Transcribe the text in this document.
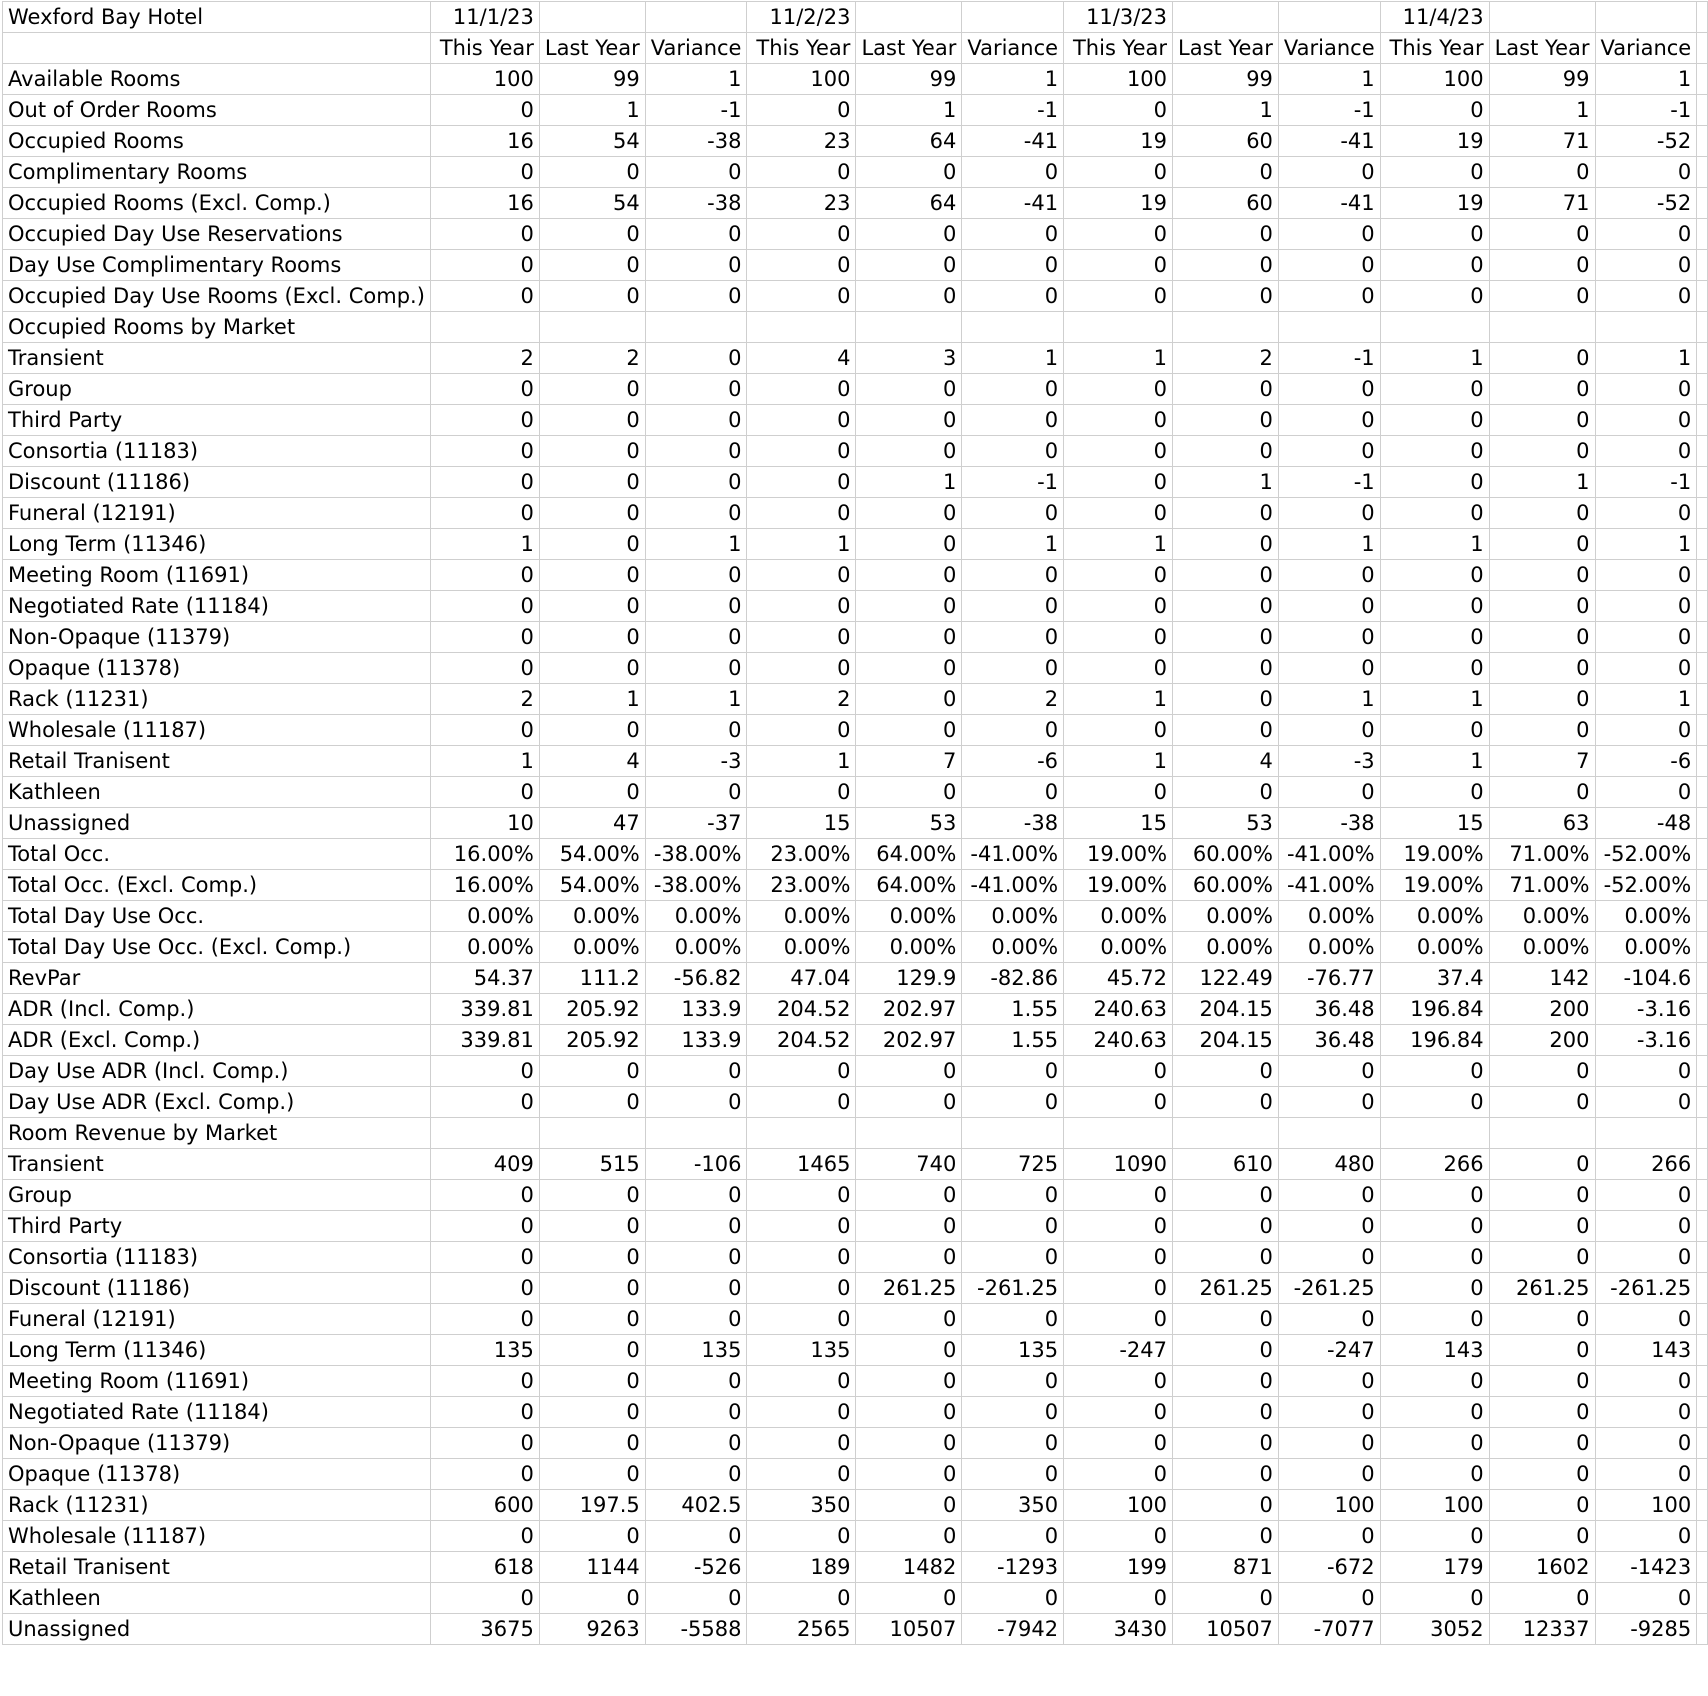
Wexford Bay Hotel	11/1/23			11/2/23			11/3/23			11/4/23			
	This Year	Last Year	Variance	This Year	Last Year	Variance	This Year	Last Year	Variance	This Year	Last Year	Variance	
Available Rooms	100	99	1	100	99	1	100	99	1	100	99	1	
Out of Order Rooms	0	1	-1	0	1	-1	0	1	-1	0	1	-1	
Occupied Rooms	16	54	-38	23	64	-41	19	60	-41	19	71	-52	
Complimentary Rooms	0	0	0	0	0	0	0	0	0	0	0	0	
Occupied Rooms (Excl. Comp.)	16	54	-38	23	64	-41	19	60	-41	19	71	-52	
Occupied Day Use Reservations	0	0	0	0	0	0	0	0	0	0	0	0	
Day Use Complimentary Rooms	0	0	0	0	0	0	0	0	0	0	0	0	
Occupied Day Use Rooms (Excl. Comp.)	0	0	0	0	0	0	0	0	0	0	0	0	
Occupied Rooms by Market													
Transient	2	2	0	4	3	1	1	2	-1	1	0	1	
Group	0	0	0	0	0	0	0	0	0	0	0	0	
Third Party	0	0	0	0	0	0	0	0	0	0	0	0	
Consortia (11183)	0	0	0	0	0	0	0	0	0	0	0	0	
Discount (11186)	0	0	0	0	1	-1	0	1	-1	0	1	-1	
Funeral (12191)	0	0	0	0	0	0	0	0	0	0	0	0	
Long Term (11346)	1	0	1	1	0	1	1	0	1	1	0	1	
Meeting Room (11691)	0	0	0	0	0	0	0	0	0	0	0	0	
Negotiated Rate (11184)	0	0	0	0	0	0	0	0	0	0	0	0	
Non-Opaque (11379)	0	0	0	0	0	0	0	0	0	0	0	0	
Opaque (11378)	0	0	0	0	0	0	0	0	0	0	0	0	
Rack (11231)	2	1	1	2	0	2	1	0	1	1	0	1	
Wholesale (11187)	0	0	0	0	0	0	0	0	0	0	0	0	
Retail Tranisent	1	4	-3	1	7	-6	1	4	-3	1	7	-6	
Kathleen	0	0	0	0	0	0	0	0	0	0	0	0	
Unassigned	10	47	-37	15	53	-38	15	53	-38	15	63	-48	
Total Occ.	16.00%	54.00%	-38.00%	23.00%	64.00%	-41.00%	19.00%	60.00%	-41.00%	19.00%	71.00%	-52.00%	
Total Occ. (Excl. Comp.)	16.00%	54.00%	-38.00%	23.00%	64.00%	-41.00%	19.00%	60.00%	-41.00%	19.00%	71.00%	-52.00%	
Total Day Use Occ.	0.00%	0.00%	0.00%	0.00%	0.00%	0.00%	0.00%	0.00%	0.00%	0.00%	0.00%	0.00%	
Total Day Use Occ. (Excl. Comp.)	0.00%	0.00%	0.00%	0.00%	0.00%	0.00%	0.00%	0.00%	0.00%	0.00%	0.00%	0.00%	
RevPar	54.37	111.2	-56.82	47.04	129.9	-82.86	45.72	122.49	-76.77	37.4	142	-104.6	
ADR (Incl. Comp.)	339.81	205.92	133.9	204.52	202.97	1.55	240.63	204.15	36.48	196.84	200	-3.16	
ADR (Excl. Comp.)	339.81	205.92	133.9	204.52	202.97	1.55	240.63	204.15	36.48	196.84	200	-3.16	
Day Use ADR (Incl. Comp.)	0	0	0	0	0	0	0	0	0	0	0	0	
Day Use ADR (Excl. Comp.)	0	0	0	0	0	0	0	0	0	0	0	0	
Room Revenue by Market													
Transient	409	515	-106	1465	740	725	1090	610	480	266	0	266	
Group	0	0	0	0	0	0	0	0	0	0	0	0	
Third Party	0	0	0	0	0	0	0	0	0	0	0	0	
Consortia (11183)	0	0	0	0	0	0	0	0	0	0	0	0	
Discount (11186)	0	0	0	0	261.25	-261.25	0	261.25	-261.25	0	261.25	-261.25	
Funeral (12191)	0	0	0	0	0	0	0	0	0	0	0	0	
Long Term (11346)	135	0	135	135	0	135	-247	0	-247	143	0	143	
Meeting Room (11691)	0	0	0	0	0	0	0	0	0	0	0	0	
Negotiated Rate (11184)	0	0	0	0	0	0	0	0	0	0	0	0	
Non-Opaque (11379)	0	0	0	0	0	0	0	0	0	0	0	0	
Opaque (11378)	0	0	0	0	0	0	0	0	0	0	0	0	
Rack (11231)	600	197.5	402.5	350	0	350	100	0	100	100	0	100	
Wholesale (11187)	0	0	0	0	0	0	0	0	0	0	0	0	
Retail Tranisent	618	1144	-526	189	1482	-1293	199	871	-672	179	1602	-1423	
Kathleen	0	0	0	0	0	0	0	0	0	0	0	0	
Unassigned	3675	9263	-5588	2565	10507	-7942	3430	10507	-7077	3052	12337	-9285	
